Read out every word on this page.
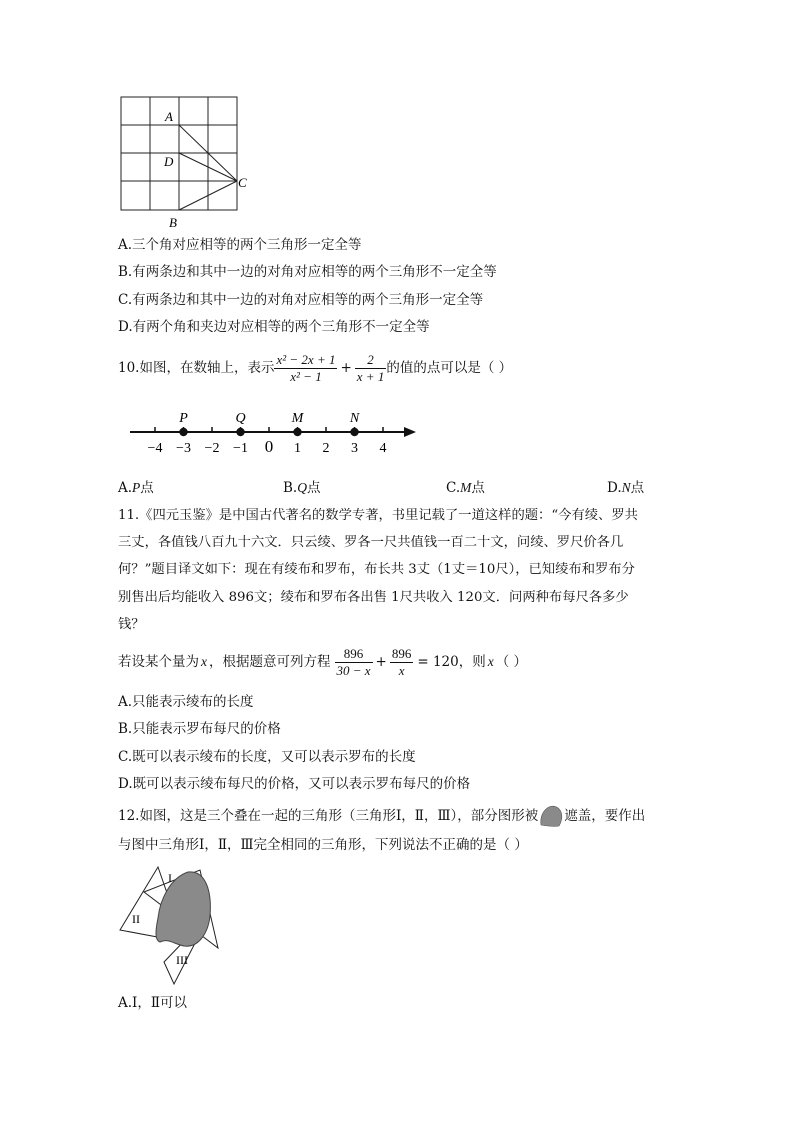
A
D
C
B
A.三个角对应相等的两个三角形一定全等
B.有两条边和其中一边的对角对应相等的两个三角形不一定全等
C.有两条边和其中一边的对角对应相等的两个三角形一定全等
D.有两个角和夹边对应相等的两个三角形不一定全等
10.如图，在数轴上，表示 $\frac{\text{x² − 2x + 1}}{\text{x² − 1}} + \frac{2}{x + 1}$ 的值的点可以是（ ）
−4 −3 −2 −1 0 1 2 3 4
P	Q	M	N
A.P点	B.Q点	C.M点	D.N点
11.《四元玉鉴》是中国古代著名的数学专著，书里记载了一道这样的题：“今有绫、罗共
三丈，各值钱八百九十六文．只云绫、罗各一尺共值钱一百二十文，问绫、罗尺价各几
何？”题目译文如下：现在有绫布和罗布，布长共 3丈（1丈＝10尺），已知绫布和罗布分
别售出后均能收入 896文；绫布和罗布各出售 1尺共收入 120文．问两种布每尺各多少
钱？
若设某个量为 x ，根据题意可列方程 $\frac{896}{30 - x} + \frac{896}{x} = 120$ ，则 x （ ）
A.只能表示绫布的长度
B.只能表示罗布每尺的价格
C.既可以表示绫布的长度，又可以表示罗布的长度
D.既可以表示绫布每尺的价格，又可以表示罗布每尺的价格
12.如图，这是三个叠在一起的三角形（三角形Ⅰ，Ⅱ，Ⅲ），部分图形被 遮盖，要作出
与图中三角形Ⅰ，Ⅱ，Ⅲ完全相同的三角形，下列说法不正确的是（ ）
I
II
III
A.Ⅰ，Ⅱ可以
